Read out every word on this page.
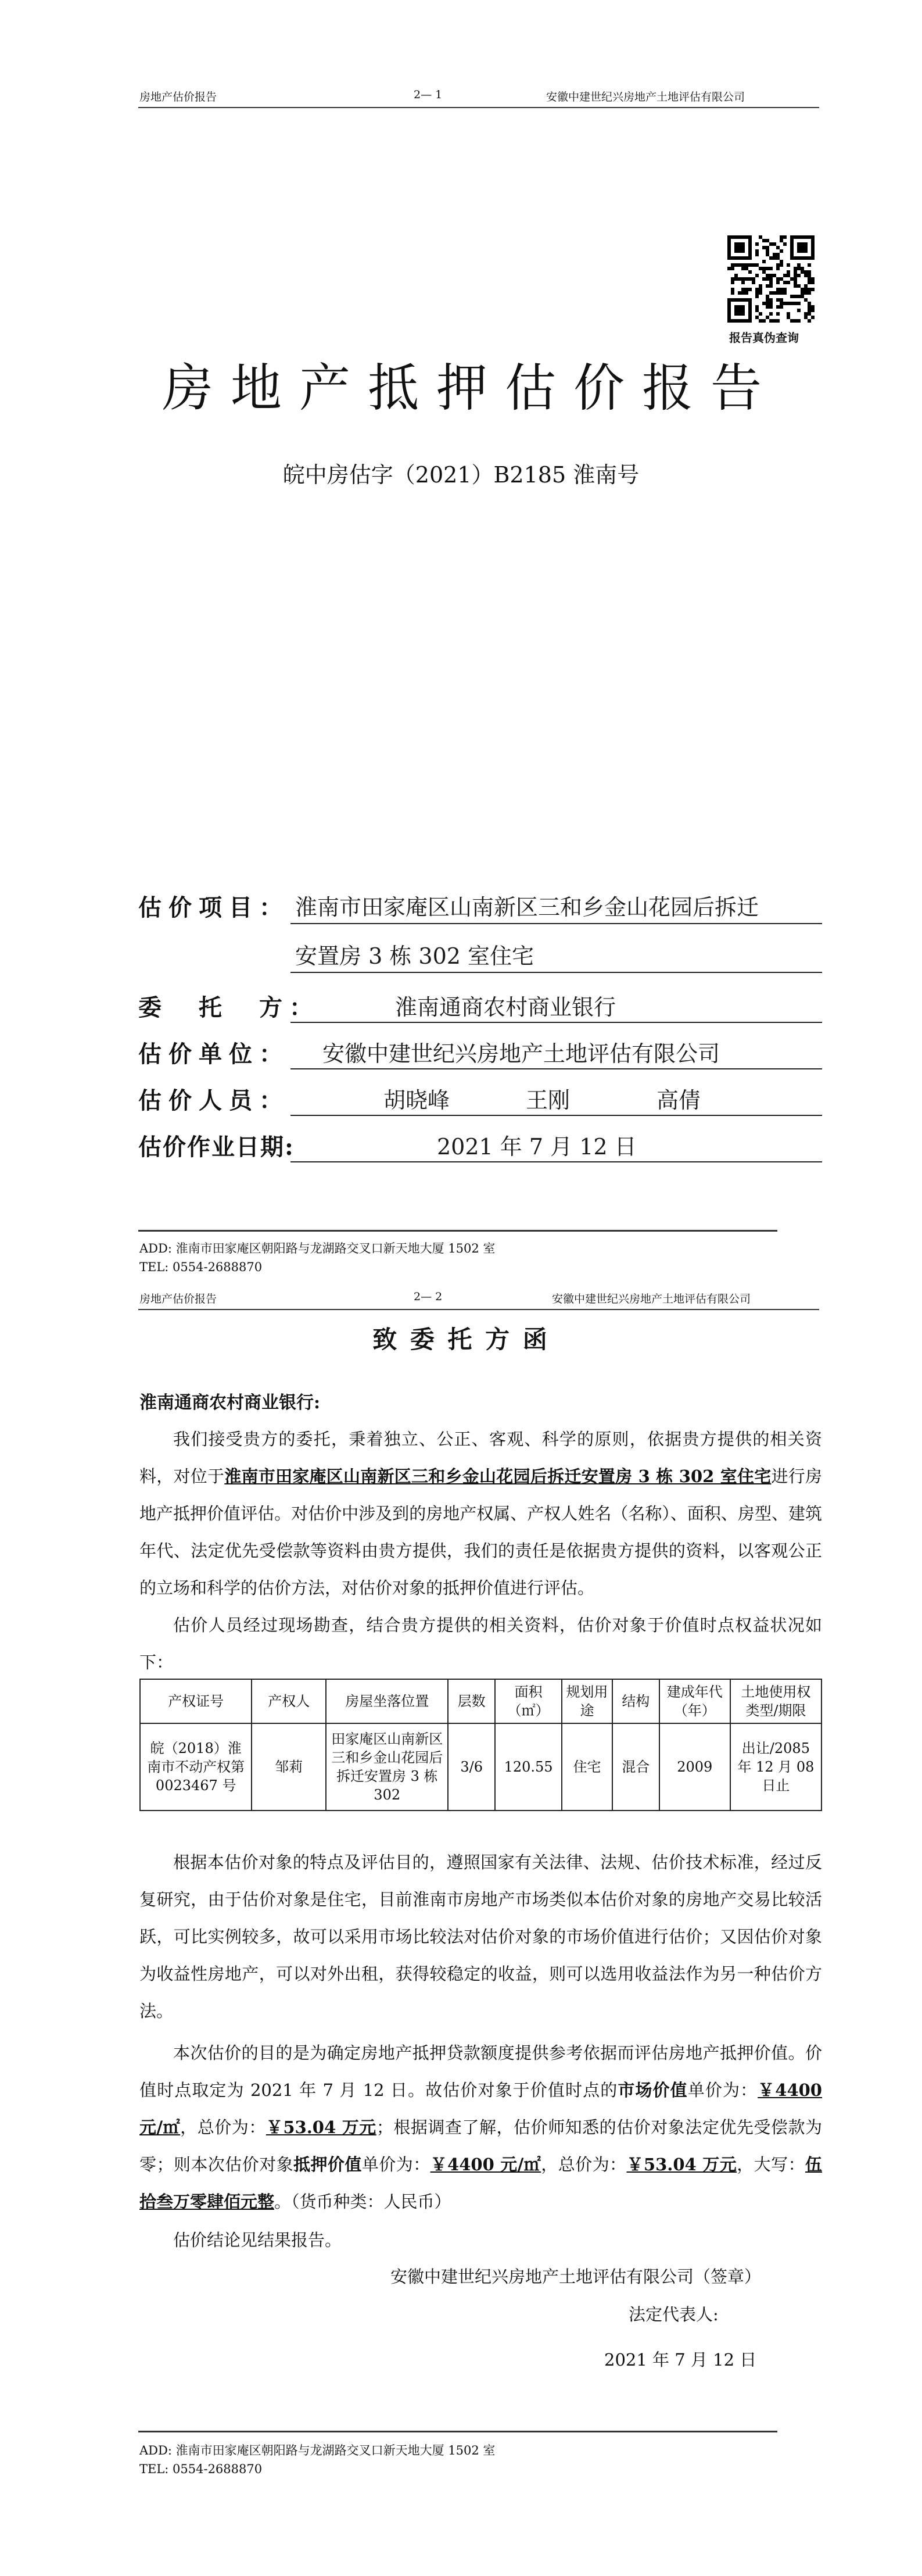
房地产估价报告	2— 1	安徽中建世纪兴房地产土地评估有限公司
报告真伪查询
房地产抵押估价报告
皖中房估字（2021）B2185 淮南号
估价项目： 淮南市田家庵区山南新区三和乡金山花园后拆迁
安置房 3 栋 302 室住宅
委　托　方：	淮南通商农村商业银行
估价单位： 安徽中建世纪兴房地产土地评估有限公司
估价人员：	胡晓峰	王刚	高倩
估价作业日期:	2021 年 7 月 12 日
ADD: 淮南市田家庵区朝阳路与龙湖路交叉口新天地大厦 1502 室
TEL: 0554-2688870
房地产估价报告	2— 2	安徽中建世纪兴房地产土地评估有限公司
致 委 托 方 函
淮南通商农村商业银行:
我们接受贵方的委托，秉着独立、公正、客观、科学的原则，依据贵方提供的相关资料，对位于淮南市田家庵区山南新区三和乡金山花园后拆迁安置房 3 栋 302 室住宅进行房地产抵押价值评估。对估价中涉及到的房地产权属、产权人姓名（名称）、面积、房型、建筑年代、法定优先受偿款等资料由贵方提供，我们的责任是依据贵方提供的资料，以客观公正的立场和科学的估价方法，对估价对象的抵押价值进行评估。
估价人员经过现场勘查，结合贵方提供的相关资料，估价对象于价值时点权益状况如下：
产权证号	产权人	房屋坐落位置	层数	面积（㎡）	规划用途	结构	建成年代（年）	土地使用权类型/期限
皖（2018）淮南市不动产权第 0023467 号	邹莉	田家庵区山南新区三和乡金山花园后拆迁安置房 3 栋 302	3/6	120.55	住宅	混合	2009	出让/2085 年 12 月 08 日止
根据本估价对象的特点及评估目的，遵照国家有关法律、法规、估价技术标准，经过反复研究，由于估价对象是住宅，目前淮南市房地产市场类似本估价对象的房地产交易比较活跃，可比实例较多，故可以采用市场比较法对估价对象的市场价值进行估价；又因估价对象为收益性房地产，可以对外出租，获得较稳定的收益，则可以选用收益法作为另一种估价方法。
本次估价的目的是为确定房地产抵押贷款额度提供参考依据而评估房地产抵押价值。价值时点取定为 2021 年 7 月 12 日。故估价对象于价值时点的市场价值单价为：￥4400 元/㎡，总价为：￥53.04 万元；根据调查了解，估价师知悉的估价对象法定优先受偿款为零；则本次估价对象抵押价值单价为：￥4400 元/㎡，总价为：￥53.04 万元，大写：伍拾叁万零肆佰元整。（货币种类：人民币）
估价结论见结果报告。
安徽中建世纪兴房地产土地评估有限公司（签章）
法定代表人:
2021 年 7 月 12 日
ADD: 淮南市田家庵区朝阳路与龙湖路交叉口新天地大厦 1502 室
TEL: 0554-2688870
